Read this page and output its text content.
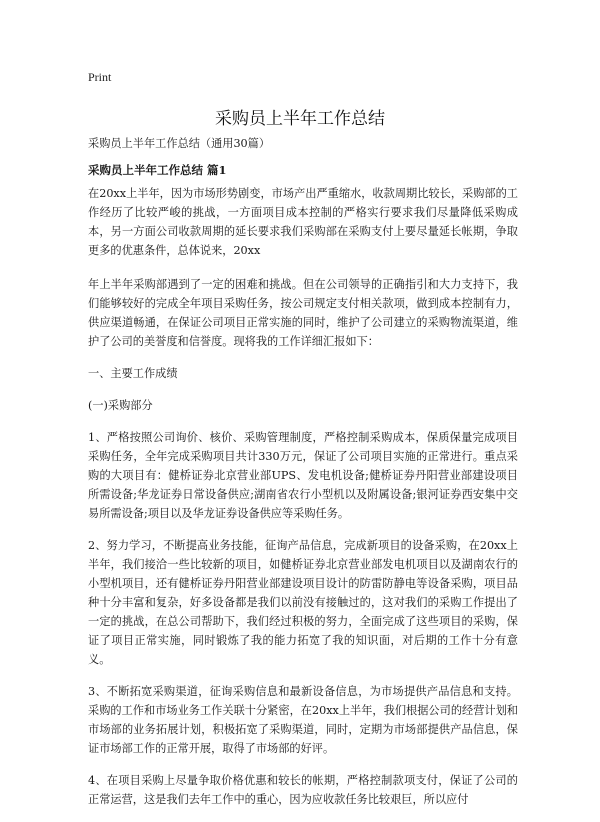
Print

采购员上半年工作总结

采购员上半年工作总结（通用30篇）

采购员上半年工作总结 篇1

在20xx上半年，因为市场形势剧变，市场产出严重缩水，收款周期比较长，采购部的工作经历了比较严峻的挑战，一方面项目成本控制的严格实行要求我们尽量降低采购成本，另一方面公司收款周期的延长要求我们采购部在采购支付上要尽量延长帐期，争取更多的优惠条件，总体说来，20xx

年上半年采购部遇到了一定的困难和挑战。但在公司领导的正确指引和大力支持下，我们能够较好的完成全年项目采购任务，按公司规定支付相关款项，做到成本控制有力，供应渠道畅通，在保证公司项目正常实施的同时，维护了公司建立的采购物流渠道，维护了公司的美誉度和信誉度。现将我的工作详细汇报如下：

一、主要工作成绩

(一)采购部分

1、严格按照公司询价、核价、采购管理制度，严格控制采购成本，保质保量完成项目采购任务，全年完成采购项目共计330万元，保证了公司项目实施的正常进行。重点采购的大项目有：健桥证券北京营业部UPS、发电机设备;健桥证券丹阳营业部建设项目所需设备;华龙证券日常设备供应;湖南省农行小型机以及附属设备;银河证券西安集中交易所需设备;项目以及华龙证券设备供应等采购任务。

2、努力学习，不断提高业务技能，征询产品信息，完成新项目的设备采购，在20xx上半年，我们接洽一些比较新的项目，如健桥证券北京营业部发电机项目以及湖南农行的小型机项目，还有健桥证券丹阳营业部建设项目设计的防雷防静电等设备采购，项目品种十分丰富和复杂，好多设备都是我们以前没有接触过的，这对我们的采购工作提出了一定的挑战，在总公司帮助下，我们经过积极的努力，全面完成了这些项目的采购，保证了项目正常实施，同时锻炼了我的能力拓宽了我的知识面，对后期的工作十分有意义。

3、不断拓宽采购渠道，征询采购信息和最新设备信息，为市场提供产品信息和支持。采购的工作和市场业务工作关联十分紧密，在20xx上半年，我们根据公司的经营计划和市场部的业务拓展计划，积极拓宽了采购渠道，同时，定期为市场部提供产品信息，保证市场部工作的正常开展，取得了市场部的好评。

4、在项目采购上尽量争取价格优惠和较长的帐期，严格控制款项支付，保证了公司的正常运营，这是我们去年工作中的重心，因为应收款任务比较艰巨，所以应付
